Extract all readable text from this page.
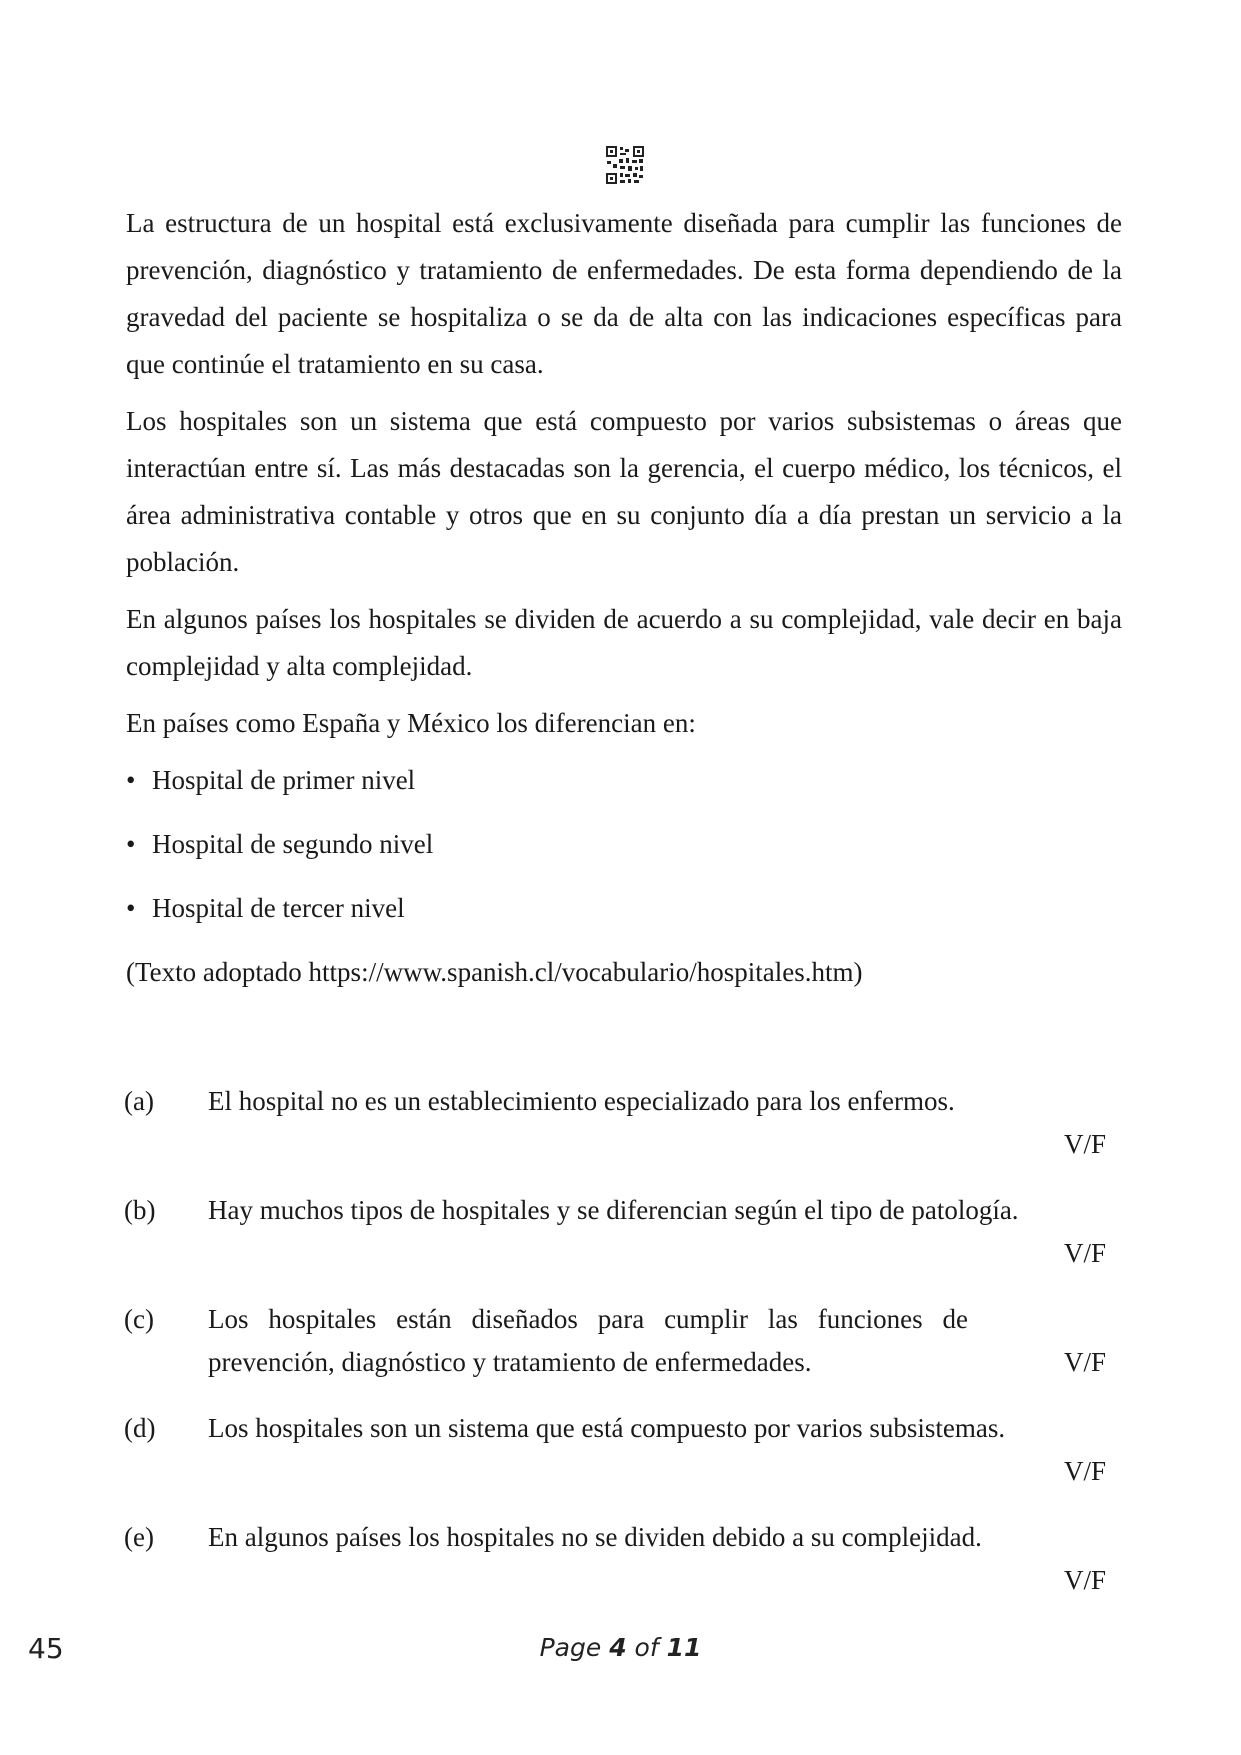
La estructura de un hospital está exclusivamente diseñada para cumplir las funciones de prevención, diagnóstico y tratamiento de enfermedades. De esta forma dependiendo de la gravedad del paciente se hospitaliza o se da de alta con las indicaciones específicas para que continúe el tratamiento en su casa.

Los hospitales son un sistema que está compuesto por varios subsistemas o áreas que interactúan entre sí. Las más destacadas son la gerencia, el cuerpo médico, los técnicos, el área administrativa contable y otros que en su conjunto día a día prestan un servicio a la población.

En algunos países los hospitales se dividen de acuerdo a su complejidad, vale decir en baja complejidad y alta complejidad.

En países como España y México los diferencian en:

• Hospital de primer nivel
• Hospital de segundo nivel
• Hospital de tercer nivel

(Texto adoptado https://www.spanish.cl/vocabulario/hospitales.htm)

(a) El hospital no es un establecimiento especializado para los enfermos.
V/F
(b) Hay muchos tipos de hospitales y se diferencian según el tipo de patología.
V/F
(c) Los hospitales están diseñados para cumplir las funciones de prevención, diagnóstico y tratamiento de enfermedades.	V/F
(d) Los hospitales son un sistema que está compuesto por varios subsistemas.
V/F
(e) En algunos países los hospitales no se dividen debido a su complejidad.
V/F
45	Page 4 of 11
